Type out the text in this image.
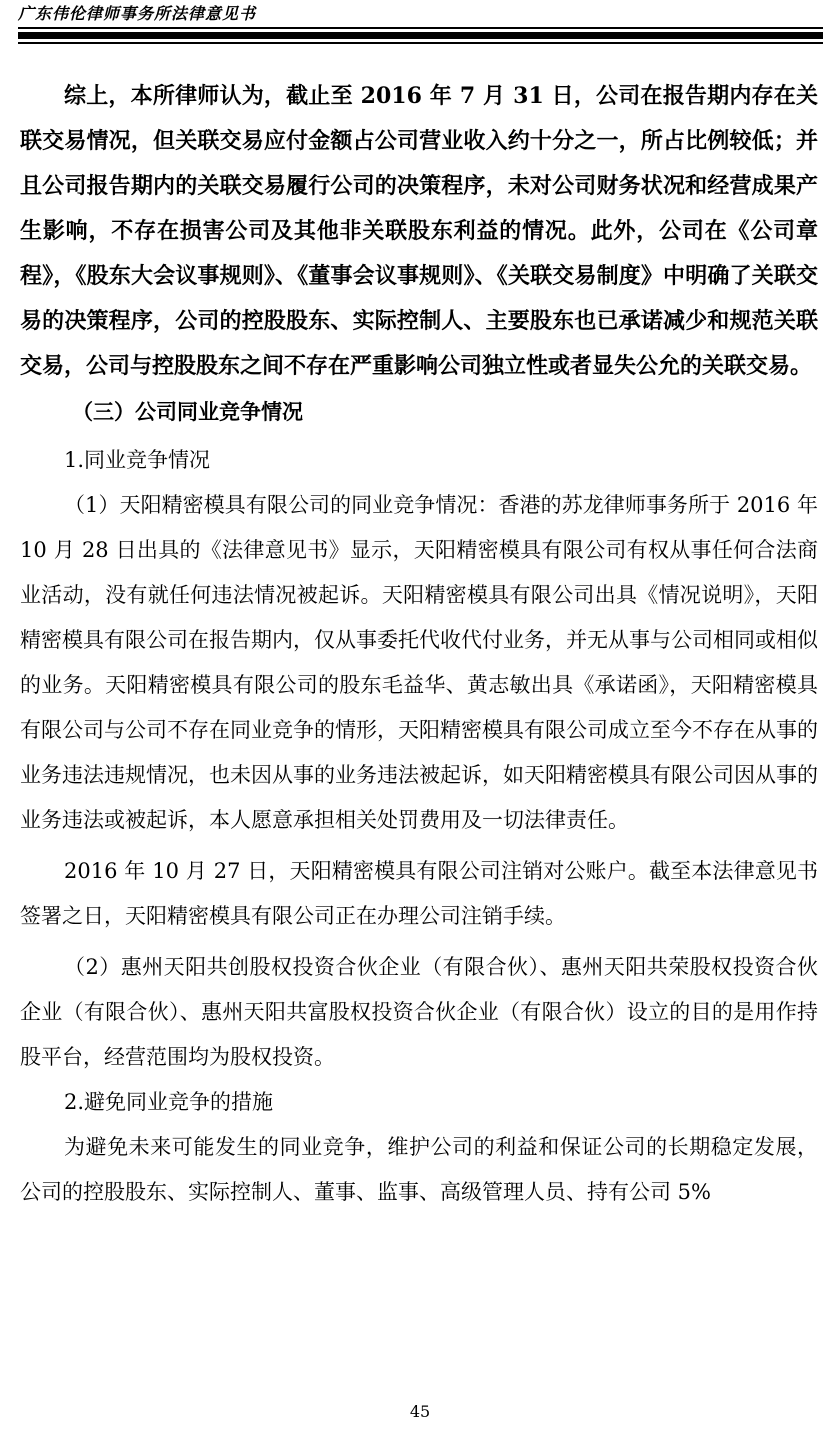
广东伟伦律师事务所法律意见书

综上，本所律师认为，截止至 2016 年 7 月 31 日，公司在报告期内存在关联交易情况，但关联交易应付金额占公司营业收入约十分之一，所占比例较低；并且公司报告期内的关联交易履行公司的决策程序，未对公司财务状况和经营成果产生影响，不存在损害公司及其他非关联股东利益的情况。此外，公司在《公司章程》，《股东大会议事规则》、《董事会议事规则》、《关联交易制度》中明确了关联交易的决策程序，公司的控股股东、实际控制人、主要股东也已承诺减少和规范关联交易，公司与控股股东之间不存在严重影响公司独立性或者显失公允的关联交易。

（三）公司同业竞争情况

1.同业竞争情况

（1）天阳精密模具有限公司的同业竞争情况：香港的苏龙律师事务所于 2016 年 10 月 28 日出具的《法律意见书》显示，天阳精密模具有限公司有权从事任何合法商业活动，没有就任何违法情况被起诉。天阳精密模具有限公司出具《情况说明》，天阳精密模具有限公司在报告期内，仅从事委托代收代付业务，并无从事与公司相同或相似的业务。天阳精密模具有限公司的股东毛益华、黄志敏出具《承诺函》，天阳精密模具有限公司与公司不存在同业竞争的情形，天阳精密模具有限公司成立至今不存在从事的业务违法违规情况，也未因从事的业务违法被起诉，如天阳精密模具有限公司因从事的业务违法或被起诉，本人愿意承担相关处罚费用及一切法律责任。

2016 年 10 月 27 日，天阳精密模具有限公司注销对公账户。截至本法律意见书签署之日，天阳精密模具有限公司正在办理公司注销手续。

（2）惠州天阳共创股权投资合伙企业（有限合伙）、惠州天阳共荣股权投资合伙企业（有限合伙）、惠州天阳共富股权投资合伙企业（有限合伙）设立的目的是用作持股平台，经营范围均为股权投资。

2.避免同业竞争的措施

为避免未来可能发生的同业竞争，维护公司的利益和保证公司的长期稳定发展，公司的控股股东、实际控制人、董事、监事、高级管理人员、持有公司 5%

45
